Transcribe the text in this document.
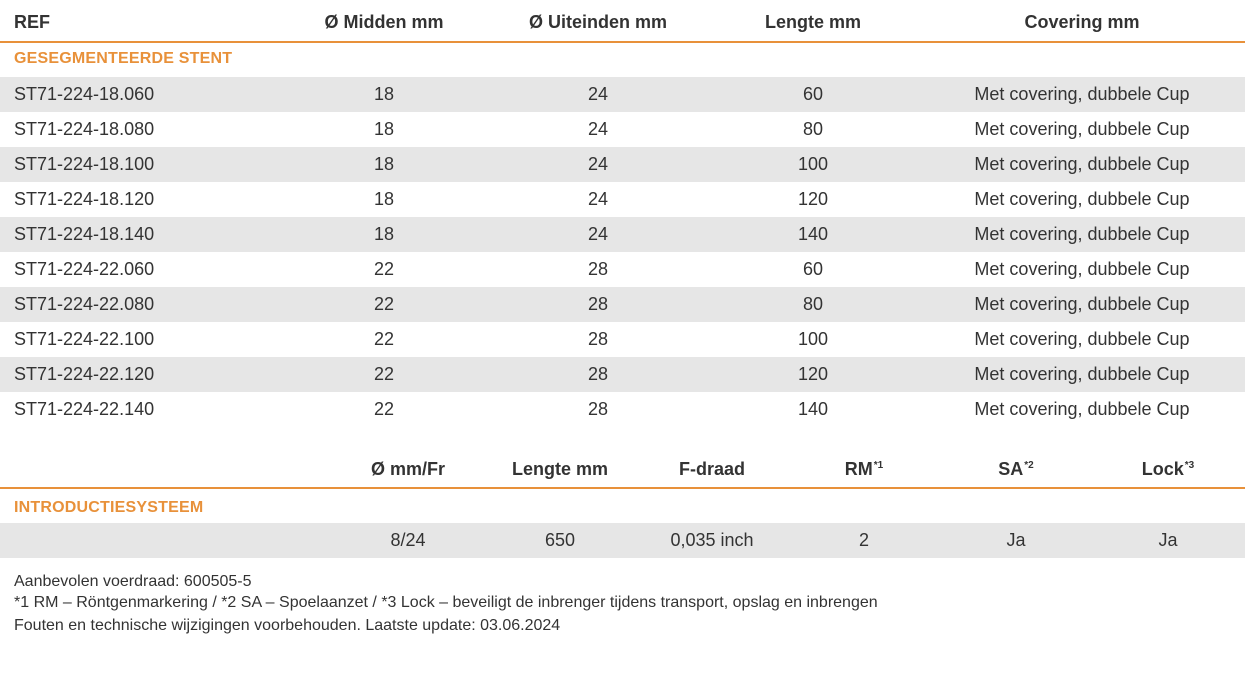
REF	Ø Midden mm	Ø Uiteinden mm	Lengte mm	Covering mm
GESEGMENTEERDE STENT
ST71-224-18.060	18	24	60	Met covering, dubbele Cup
ST71-224-18.080	18	24	80	Met covering, dubbele Cup
ST71-224-18.100	18	24	100	Met covering, dubbele Cup
ST71-224-18.120	18	24	120	Met covering, dubbele Cup
ST71-224-18.140	18	24	140	Met covering, dubbele Cup
ST71-224-22.060	22	28	60	Met covering, dubbele Cup
ST71-224-22.080	22	28	80	Met covering, dubbele Cup
ST71-224-22.100	22	28	100	Met covering, dubbele Cup
ST71-224-22.120	22	28	120	Met covering, dubbele Cup
ST71-224-22.140	22	28	140	Met covering, dubbele Cup
Ø mm/Fr	Lengte mm	F-draad	RM$^{*1}$	SA$^{*2}$	Lock$^{*3}$
INTRODUCTIESYSTEEM
8/24	650	0,035 inch	2	Ja	Ja
Aanbevolen voerdraad: 600505-5
*1 RM – Röntgenmarkering / *2 SA – Spoelaanzet / *3 Lock – beveiligt de inbrenger tijdens transport, opslag en inbrengen
Fouten en technische wijzigingen voorbehouden. Laatste update: 03.06.2024
